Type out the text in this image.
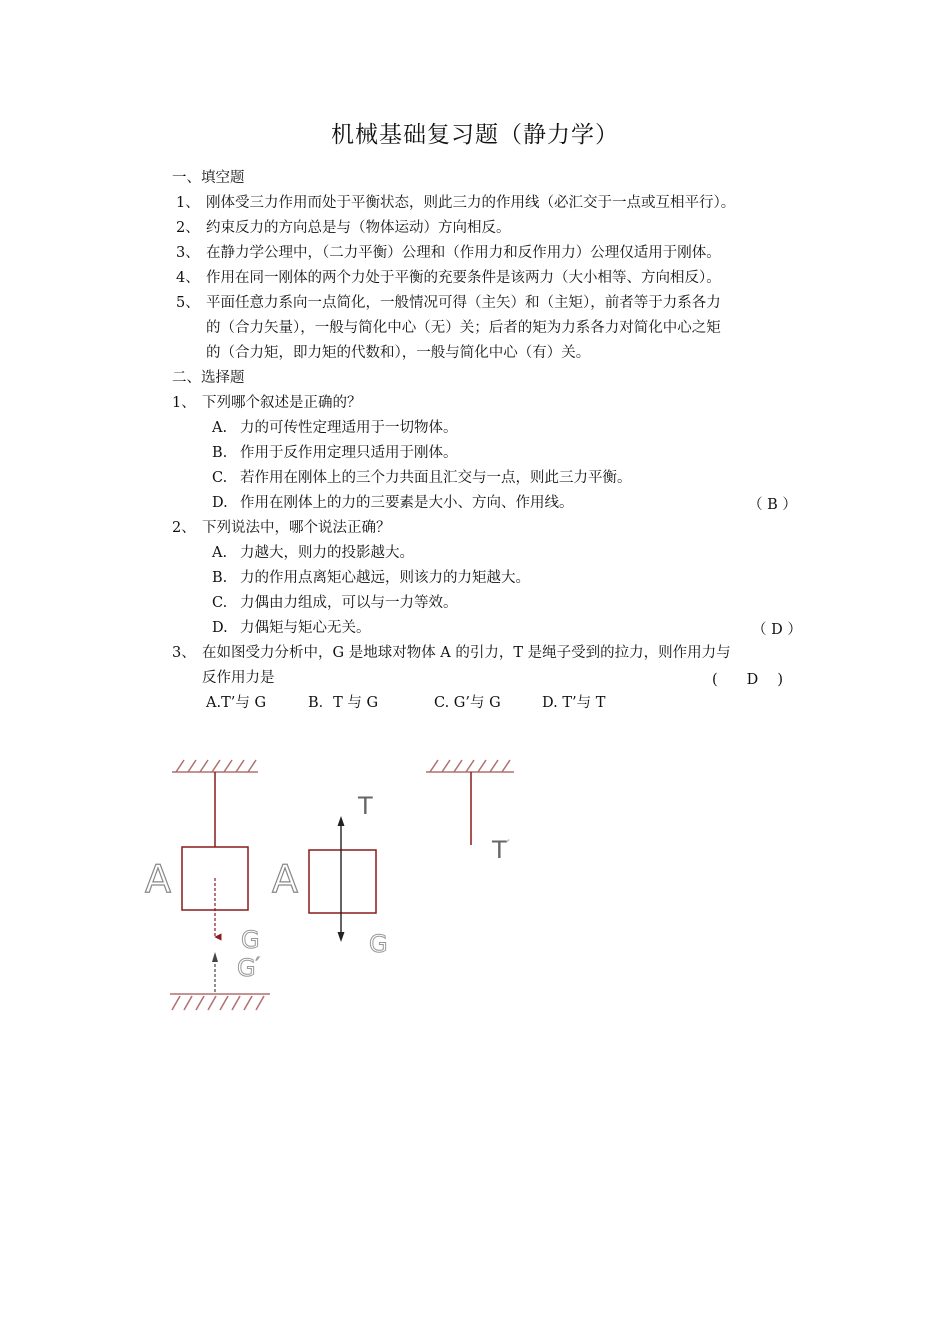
机械基础复习题（静力学）
一、填空题
1、 刚体受三力作用而处于平衡状态，则此三力的作用线（必汇交于一点或互相平行）。
2、 约束反力的方向总是与（物体运动）方向相反。
3、 在静力学公理中，（二力平衡）公理和（作用力和反作用力）公理仅适用于刚体。
4、 作用在同一刚体的两个力处于平衡的充要条件是该两力（大小相等、方向相反）。
5、 平面任意力系向一点简化，一般情况可得（主矢）和（主矩），前者等于力系各力
的（合力矢量），一般与简化中心（无）关；后者的矩为力系各力对简化中心之矩
的（合力矩，即力矩的代数和），一般与简化中心（有）关。
二、选择题
1、 下列哪个叙述是正确的？
A. 力的可传性定理适用于一切物体。
B. 作用于反作用定理只适用于刚体。
C. 若作用在刚体上的三个力共面且汇交与一点，则此三力平衡。
D. 作用在刚体上的力的三要素是大小、方向、作用线。	（ B ）
2、 下列说法中，哪个说法正确？
A. 力越大，则力的投影越大。
B. 力的作用点离矩心越远，则该力的力矩越大。
C. 力偶由力组成，可以与一力等效。
D. 力偶矩与矩心无关。	（ D ）
3、 在如图受力分析中，G 是地球对物体 A 的引力，T 是绳子受到的拉力，则作用力与
反作用力是	(　　D　 )
A.T’与 G	B．T 与 G	C. G’与 G	D. T’与 T
A
G
G′
A
T
G
T′
